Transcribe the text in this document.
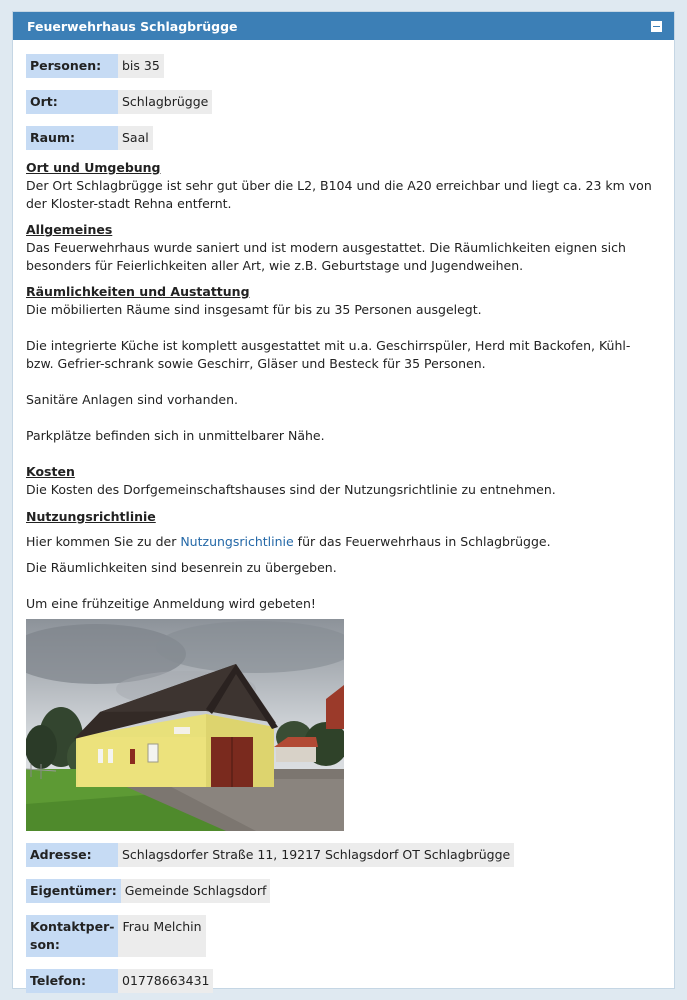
Feuerwehrhaus Schlagbrügge
Personen:	bis 35
Ort:	Schlagbrügge
Raum:	Saal
Ort und Umgebung

Der Ort Schlagbrügge ist sehr gut über die L2, B104 und die A20 erreichbar und liegt ca. 23 km von der Kloster-stadt Rehna entfernt.

Allgemeines

Das Feuerwehrhaus wurde saniert und ist modern ausgestattet. Die Räumlichkeiten eignen sich besonders für Feierlichkeiten aller Art, wie z.B. Geburtstage und Jugendweihen.

Räumlichkeiten und Austattung

Die möbilierten Räume sind insgesamt für bis zu 35 Personen ausgelegt.

Die integrierte Küche ist komplett ausgestattet mit u.a. Geschirrspüler, Herd mit Backofen, Kühl- bzw. Gefrier-schrank sowie Geschirr, Gläser und Besteck für 35 Personen.

Sanitäre Anlagen sind vorhanden.

Parkplätze befinden sich in unmittelbarer Nähe.

Kosten

Die Kosten des Dorfgemeinschaftshauses sind der Nutzungsrichtlinie zu entnehmen.

Nutzungsrichtlinie

Hier kommen Sie zu der Nutzungsrichtlinie für das Feuerwehrhaus in Schlagbrügge.

Die Räumlichkeiten sind besenrein zu übergeben.

Um eine frühzeitige Anmeldung wird gebeten!

Adresse:	Schlagsdorfer Straße 11, 19217 Schlagsdorf OT Schlagbrügge
Eigentümer:	Gemeinde Schlagsdorf
Kontaktper-son:	Frau Melchin
Telefon:	01778663431
